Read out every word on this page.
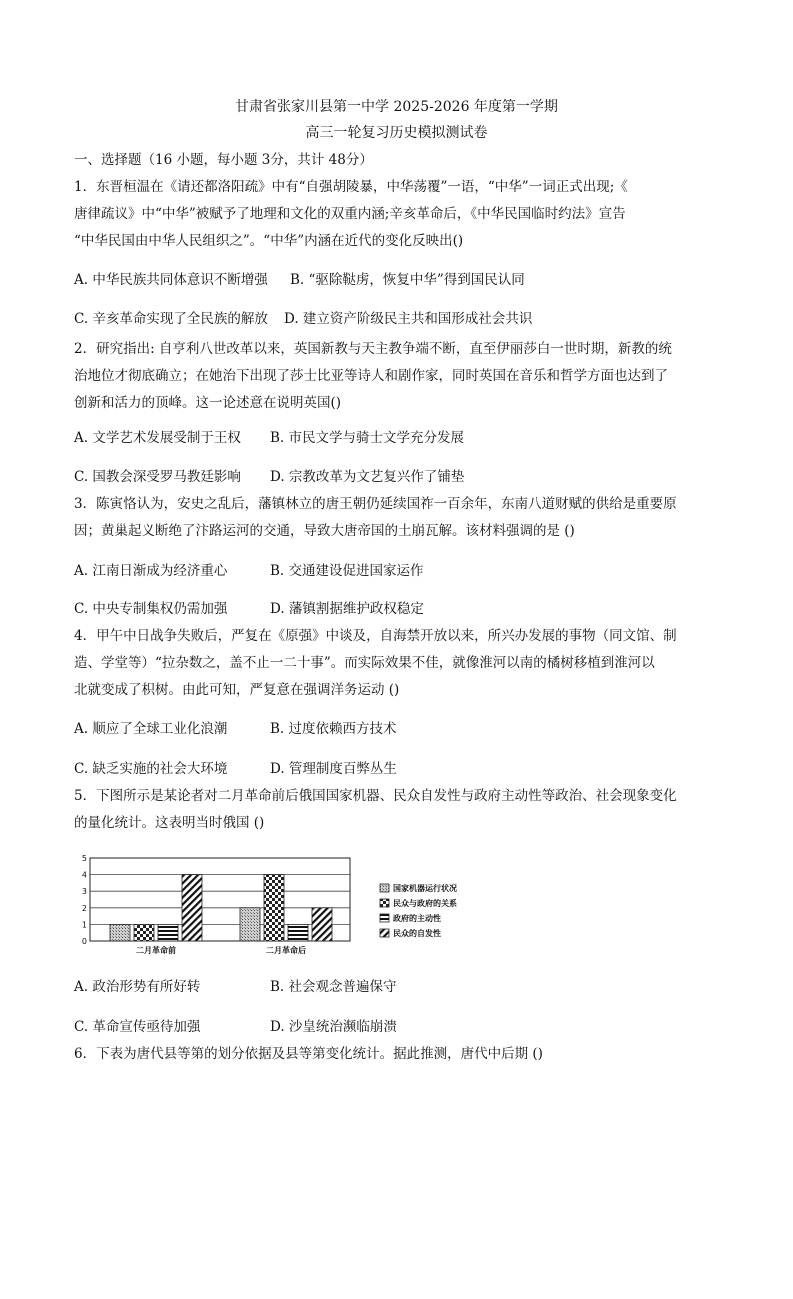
甘肃省张家川县第一中学 2025-2026 年度第一学期
高三一轮复习历史模拟测试卷
一、选择题（16 小题，每小题 3分，共计 48分）
1．东晋桓温在《请还都洛阳疏》中有“自强胡陵暴，中华荡覆”一语，“中华”一词正式出现;《
唐律疏议》中“中华”被赋予了地理和文化的双重内涵;辛亥革命后，《中华民国临时约法》宣告
“中华民国由中华人民组织之”。“中华”内涵在近代的变化反映出()
A. 中华民族共同体意识不断增强 B. “驱除鞑虏，恢复中华”得到国民认同
C. 辛亥革命实现了全民族的解放 D. 建立资产阶级民主共和国形成社会共识
2．研究指出: 自亨利八世改革以来，英国新教与天主教争端不断，直至伊丽莎白一世时期，新教的统
治地位才彻底确立；在她治下出现了莎士比亚等诗人和剧作家，同时英国在音乐和哲学方面也达到了
创新和活力的顶峰。这一论述意在说明英国()
A. 文学艺术发展受制于王权 B. 市民文学与骑士文学充分发展
C. 国教会深受罗马教廷影响 D. 宗教改革为文艺复兴作了铺垫
3．陈寅恪认为，安史之乱后，藩镇林立的唐王朝仍延续国祚一百余年，东南八道财赋的供给是重要原
因；黄巢起义断绝了汴路运河的交通，导致大唐帝国的土崩瓦解。该材料强调的是 ()
A. 江南日渐成为经济重心	B. 交通建设促进国家运作
C. 中央专制集权仍需加强	D. 藩镇割据维护政权稳定
4．甲午中日战争失败后，严复在《原强》中谈及，自海禁开放以来，所兴办发展的事物（同文馆、制
造、学堂等）“拉杂数之，盖不止一二十事”。而实际效果不佳，就像淮河以南的橘树移植到淮河以
北就变成了枳树。由此可知，严复意在强调洋务运动 ()
A. 顺应了全球工业化浪潮	B. 过度依赖西方技术
C. 缺乏实施的社会大环境	D. 管理制度百弊丛生
5．下图所示是某论者对二月革命前后俄国国家机器、民众自发性与政府主动性等政治、社会现象变化
的量化统计。这表明当时俄国 ()
0
1
2
3
4
5
二月革命前	二月革命后
国家机器运行状况
民众与政府的关系
政府的主动性
民众的自发性
A. 政治形势有所好转	B. 社会观念普遍保守
C. 革命宣传亟待加强	D. 沙皇统治濒临崩溃
6．下表为唐代县等第的划分依据及县等第变化统计。据此推测，唐代中后期 ()
